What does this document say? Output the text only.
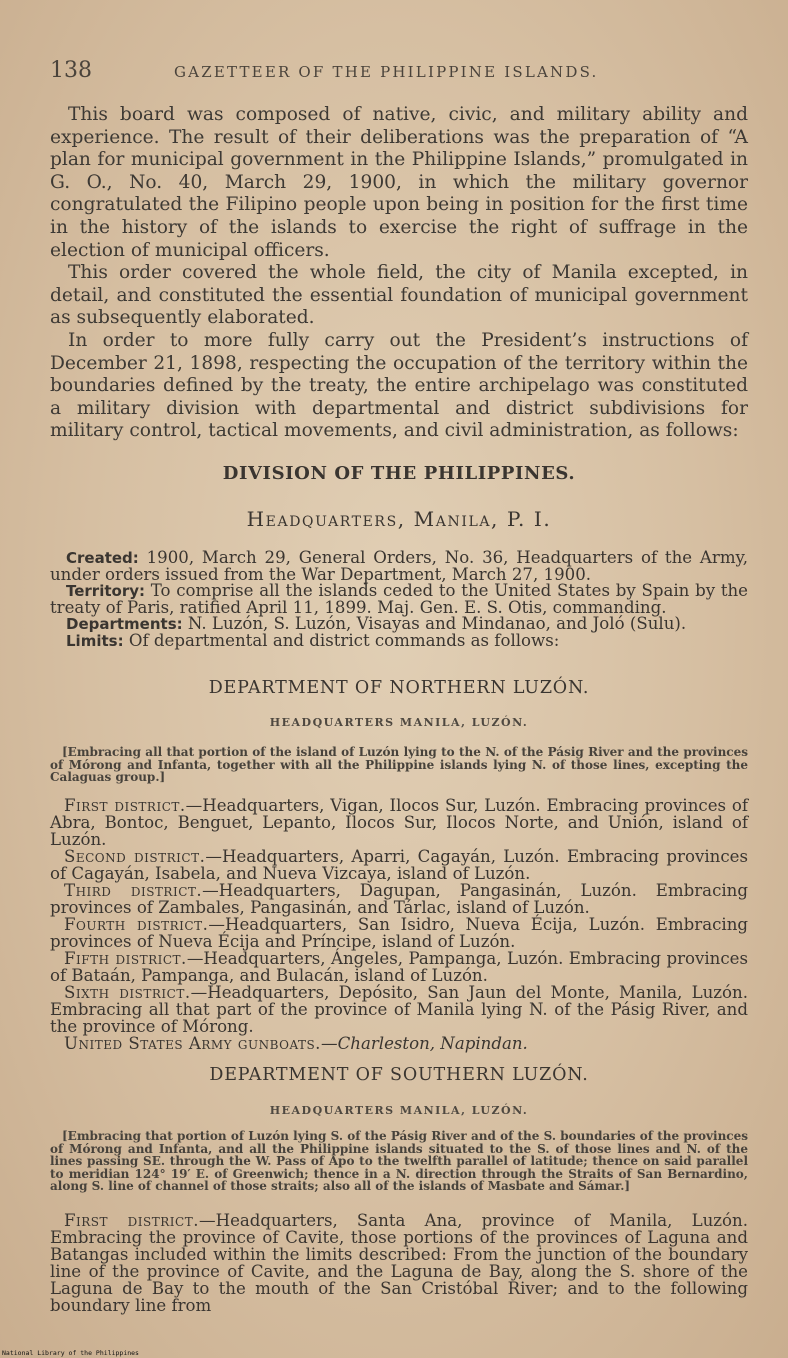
138	GAZETTEER OF THE PHILIPPINE ISLANDS.

This board was composed of native, civic, and military ability and experience. The result of their deliberations was the preparation of “A plan for municipal government in the Philippine Islands,” promulgated in G. O., No. 40, March 29, 1900, in which the military governor congratulated the Filipino people upon being in position for the first time in the history of the islands to exercise the right of suffrage in the election of municipal officers.

This order covered the whole field, the city of Manila excepted, in detail, and constituted the essential foundation of municipal government as subsequently elaborated.

In order to more fully carry out the President’s instructions of December 21, 1898, respecting the occupation of the territory within the boundaries defined by the treaty, the entire archipelago was constituted a military division with departmental and district subdivisions for military control, tactical movements, and civil administration, as follows:

DIVISION OF THE PHILIPPINES.

Headquarters, Manila, P. I.

Created: 1900, March 29, General Orders, No. 36, Headquarters of the Army, under orders issued from the War Department, March 27, 1900.

Territory: To comprise all the islands ceded to the United States by Spain by the treaty of Paris, ratified April 11, 1899. Maj. Gen. E. S. Otis, commanding.

Departments: N. Luzón, S. Luzón, Visayas and Mindanao, and Joló (Sulu).

Limits: Of departmental and district commands as follows:

DEPARTMENT OF NORTHERN LUZÓN.

HEADQUARTERS MANILA, LUZÓN.

[Embracing all that portion of the island of Luzón lying to the N. of the Pásig River and the provinces of Mórong and Infanta, together with all the Philippine islands lying N. of those lines, excepting the Calaguas group.]

First district.—Headquarters, Vigan, Ilocos Sur, Luzón. Embracing provinces of Abra, Bontoc, Benguet, Lepanto, Ilocos Sur, Ilocos Norte, and Unión, island of Luzón.

Second district.—Headquarters, Aparri, Cagayán, Luzón. Embracing provinces of Cagayán, Isabela, and Nueva Vizcaya, island of Luzón.

Third district.—Headquarters, Dagupan, Pangasinán, Luzón. Embracing provinces of Zambales, Pangasinán, and Tárlac, island of Luzón.

Fourth district.—Headquarters, San Isidro, Nueva Écija, Luzón. Embracing provinces of Nueva Écija and Príncipe, island of Luzón.

Fifth district.—Headquarters, Ángeles, Pampanga, Luzón. Embracing provinces of Bataán, Pampanga, and Bulacán, island of Luzón.

Sixth district.—Headquarters, Depósito, San Jaun del Monte, Manila, Luzón. Embracing all that part of the province of Manila lying N. of the Pásig River, and the province of Mórong.

United States Army gunboats.—Charleston, Napindan.

DEPARTMENT OF SOUTHERN LUZÓN.

HEADQUARTERS MANILA, LUZÓN.

[Embracing that portion of Luzón lying S. of the Pásig River and of the S. boundaries of the provinces of Mórong and Infanta, and all the Philippine islands situated to the S. of those lines and N. of the lines passing SE. through the W. Pass of Apo to the twelfth parallel of latitude; thence on said parallel to meridian 124° 19′ E. of Greenwich; thence in a N. direction through the Straits of San Bernardino, along S. line of channel of those straits; also all of the islands of Masbate and Sámar.]

First district.—Headquarters, Santa Ana, province of Manila, Luzón. Embracing the province of Cavite, those portions of the provinces of Laguna and Batangas included within the limits described: From the junction of the boundary line of the province of Cavite, and the Laguna de Bay, along the S. shore of the Laguna de Bay to the mouth of the San Cristóbal River; and to the following boundary line from

National Library of the Philippines
